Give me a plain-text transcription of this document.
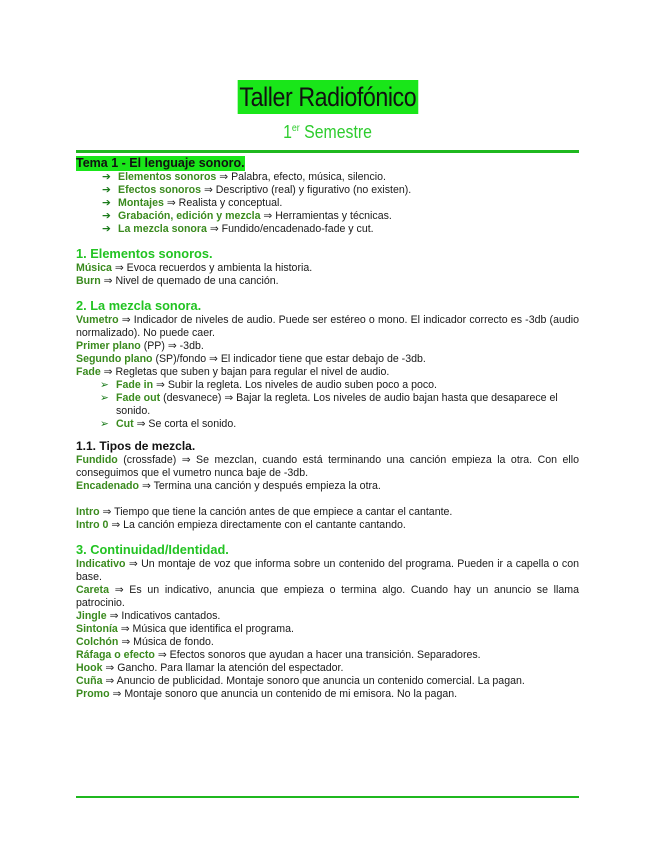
Taller Radiofónico
1er Semestre
Tema 1 - El lenguaje sonoro.
➔ Elementos sonoros ⇒ Palabra, efecto, música, silencio.
➔ Efectos sonoros ⇒ Descriptivo (real) y figurativo (no existen).
➔ Montajes ⇒ Realista y conceptual.
➔ Grabación, edición y mezcla ⇒ Herramientas y técnicas.
➔ La mezcla sonora ⇒ Fundido/encadenado-fade y cut.
1. Elementos sonoros.

Música ⇒ Evoca recuerdos y ambienta la historia.

Burn ⇒ Nivel de quemado de una canción.

2. La mezcla sonora.

Vumetro ⇒ Indicador de niveles de audio. Puede ser estéreo o mono. El indicador correcto es -3db (audio normalizado). No puede caer.

Primer plano (PP) ⇒ -3db.

Segundo plano (SP)/fondo ⇒ El indicador tiene que estar debajo de -3db.

Fade ⇒ Regletas que suben y bajan para regular el nivel de audio.

➢ Fade in ⇒ Subir la regleta. Los niveles de audio suben poco a poco.
➢ Fade out (desvanece) ⇒ Bajar la regleta. Los niveles de audio bajan hasta que desaparece el sonido.
➢ Cut ⇒ Se corta el sonido.
1.1. Tipos de mezcla.

Fundido (crossfade) ⇒ Se mezclan, cuando está terminando una canción empieza la otra. Con ello conseguimos que el vumetro nunca baje de -3db.

Encadenado ⇒ Termina una canción y después empieza la otra.

Intro ⇒ Tiempo que tiene la canción antes de que empiece a cantar el cantante.

Intro 0 ⇒ La canción empieza directamente con el cantante cantando.

3. Continuidad/Identidad.

Indicativo ⇒ Un montaje de voz que informa sobre un contenido del programa. Pueden ir a capella o con base.

Careta ⇒ Es un indicativo, anuncia que empieza o termina algo. Cuando hay un anuncio se llama patrocinio.

Jingle ⇒ Indicativos cantados.

Sintonía ⇒ Música que identifica el programa.

Colchón ⇒ Música de fondo.

Ráfaga o efecto ⇒ Efectos sonoros que ayudan a hacer una transición. Separadores.

Hook ⇒ Gancho. Para llamar la atención del espectador.

Cuña ⇒ Anuncio de publicidad. Montaje sonoro que anuncia un contenido comercial. La pagan.

Promo ⇒ Montaje sonoro que anuncia un contenido de mi emisora. No la pagan.
